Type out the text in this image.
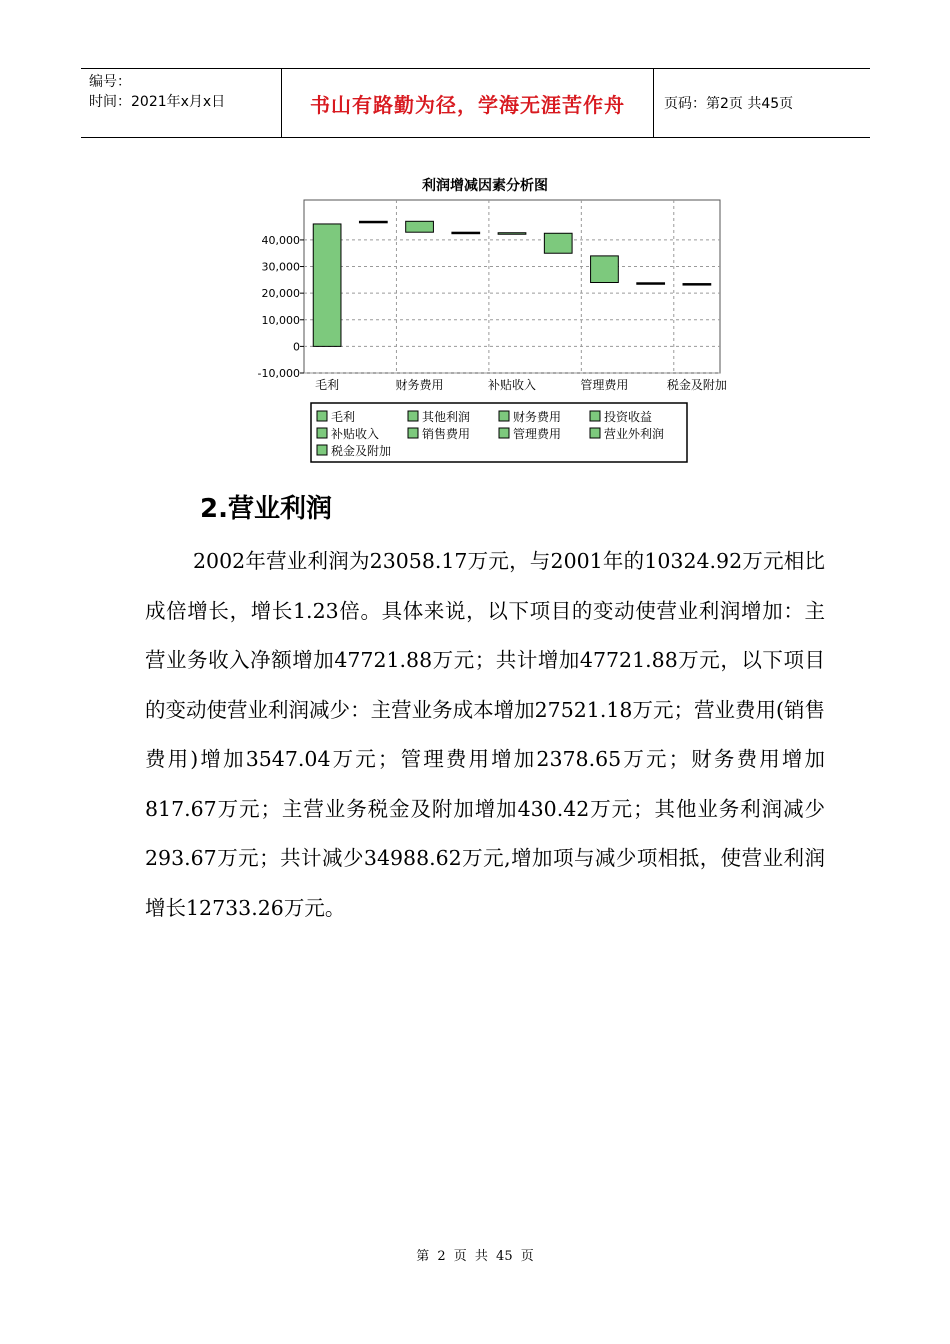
编号：
时间：2021年x月x日	书山有路勤为径，学海无涯苦作舟	页码：第2页 共45页
利润增减因素分析图
-10,000
0
10,000
20,000
30,000
40,000
毛利	财务费用	补贴收入	管理费用	税金及附加
毛利	其他利润	财务费用	投资收益
补贴收入	销售费用	管理费用	营业外利润
税金及附加
2.营业利润

2002年营业利润为23058.17万元，与2001年的10324.92万元相比成倍增长，增长1.23倍。具体来说，以下项目的变动使营业利润增加：主营业务收入净额增加47721.88万元；共计增加47721.88万元，以下项目的变动使营业利润减少：主营业务成本增加27521.18万元；营业费用(销售费用)增加3547.04万元；管理费用增加2378.65万元；财务费用增加817.67万元；主营业务税金及附加增加430.42万元；其他业务利润减少293.67万元；共计减少34988.62万元,增加项与减少项相抵，使营业利润增长12733.26万元。

第 2 页 共 45 页
